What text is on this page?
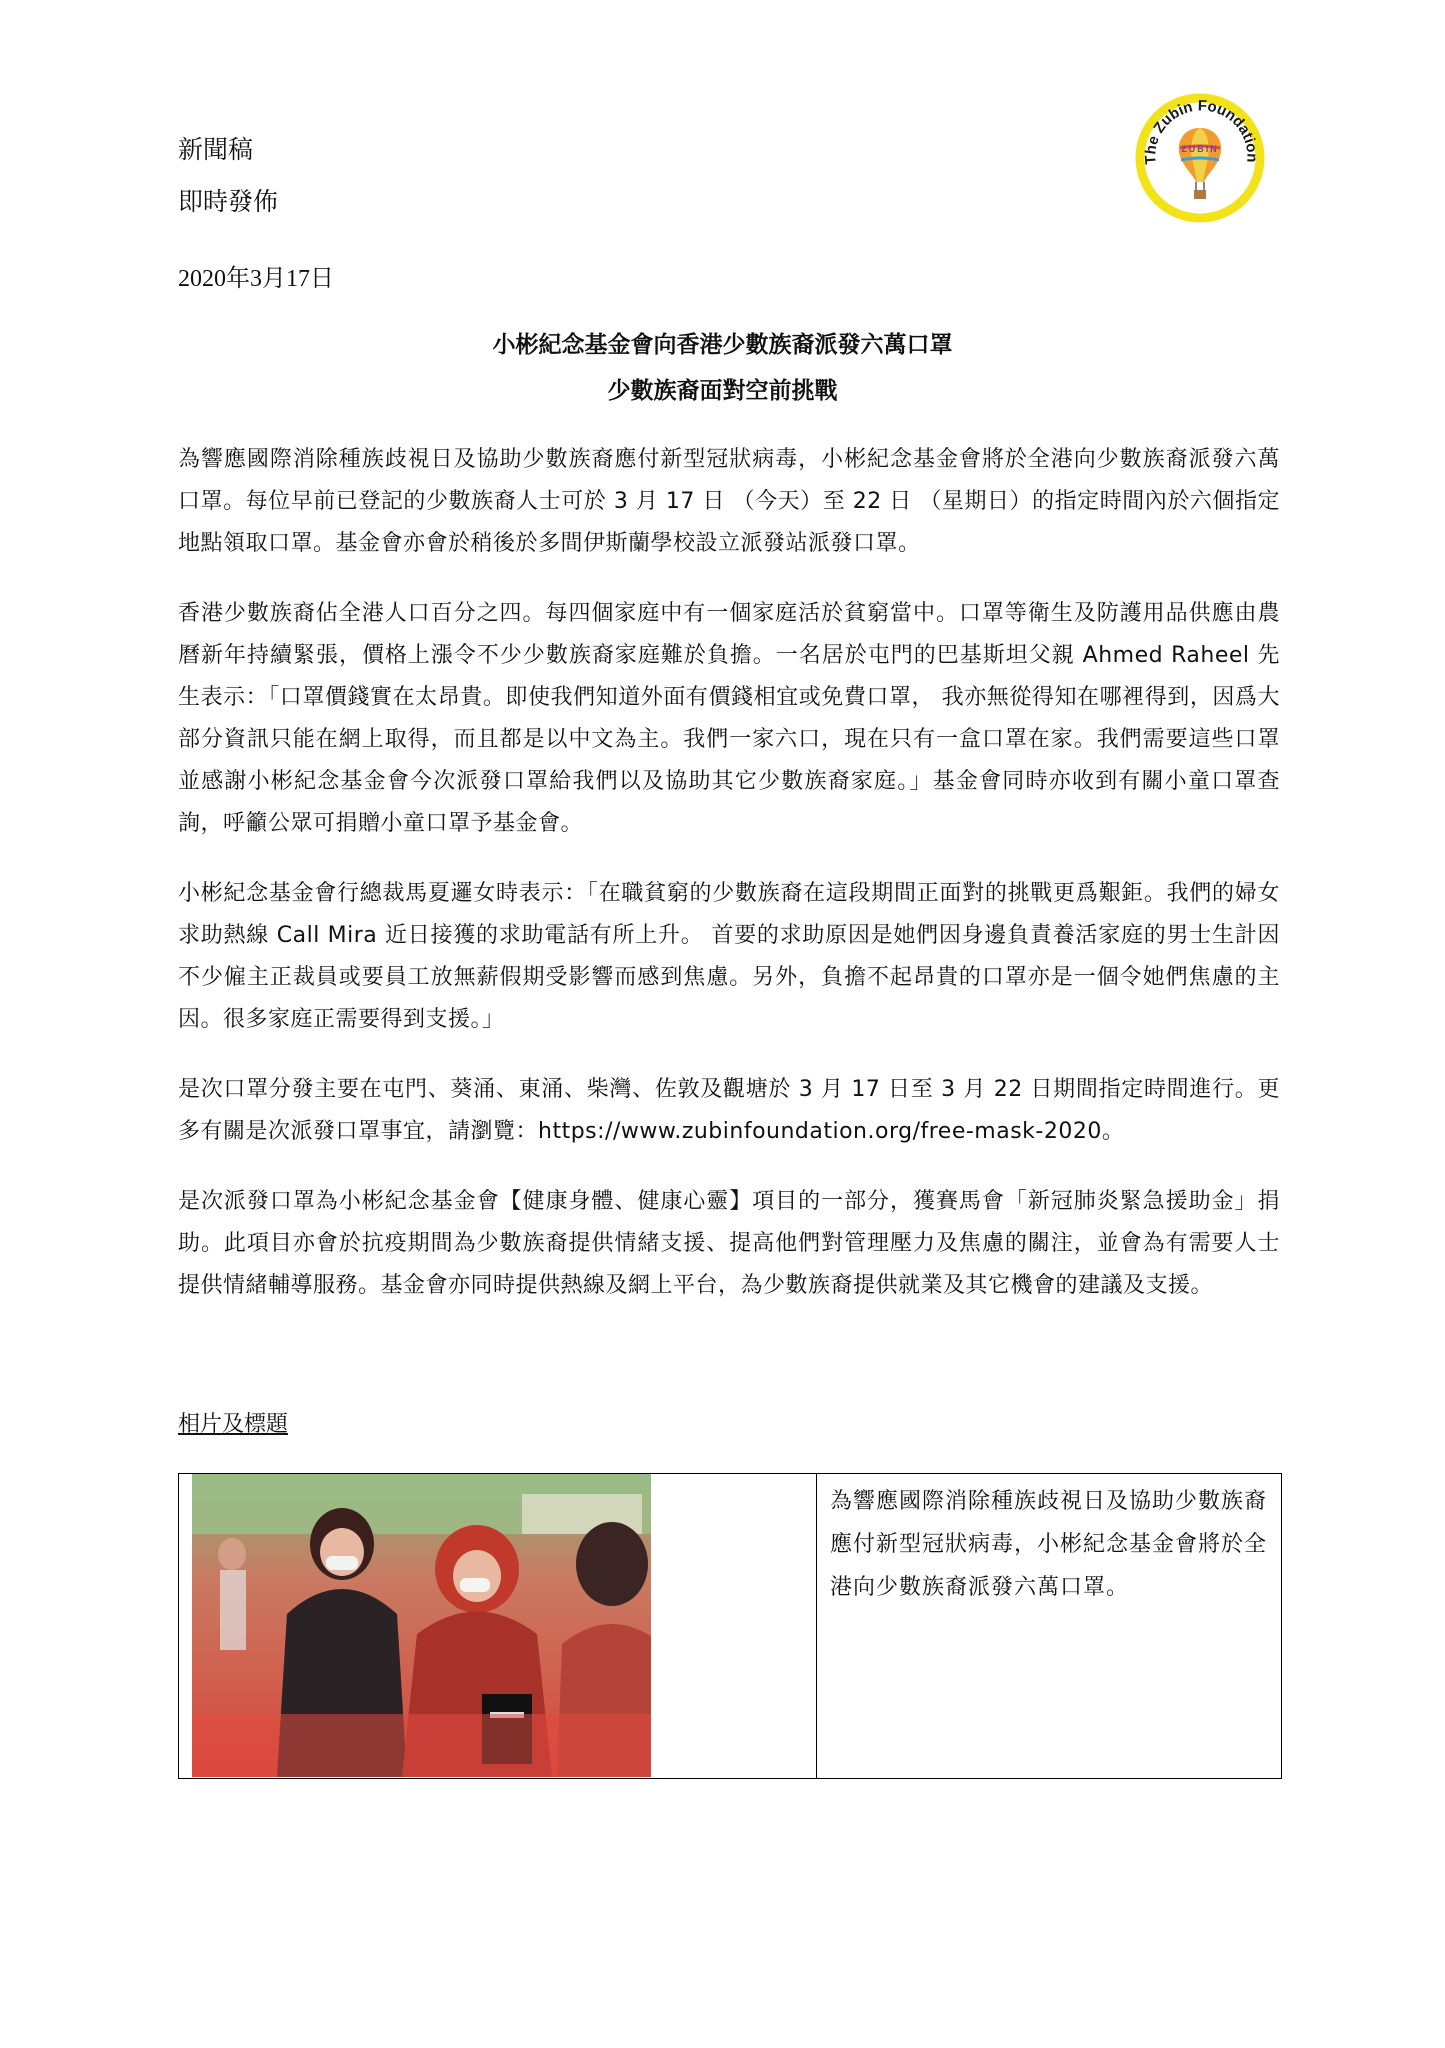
新聞稿
即時發佈
The Zubin Foundation
ZUBIN
2020年3月17日
小彬紀念基金會向香港少數族裔派發六萬口罩
少數族裔面對空前挑戰

為響應國際消除種族歧視日及協助少數族裔應付新型冠狀病毒，小彬紀念基金會將於全港向少數族裔派發六萬口罩。每位早前已登記的少數族裔人士可於 3 月 17 日 （今天）至 22 日 （星期日）的指定時間內於六個指定地點領取口罩。基金會亦會於稍後於多間伊斯蘭學校設立派發站派發口罩。

香港少數族裔佔全港人口百分之四。每四個家庭中有一個家庭活於貧窮當中。口罩等衛生及防護用品供應由農曆新年持續緊張，價格上漲令不少少數族裔家庭難於負擔。一名居於屯門的巴基斯坦父親 Ahmed Raheel 先生表示：「口罩價錢實在太昂貴。即使我們知道外面有價錢相宜或免費口罩， 我亦無從得知在哪裡得到，因爲大部分資訊只能在網上取得，而且都是以中文為主。我們一家六口，現在只有一盒口罩在家。我們需要這些口罩並感謝小彬紀念基金會今次派發口罩給我們以及協助其它少數族裔家庭。」基金會同時亦收到有關小童口罩查詢，呼籲公眾可捐贈小童口罩予基金會。

小彬紀念基金會行總裁馬夏邏女時表示：「在職貧窮的少數族裔在這段期間正面對的挑戰更爲艱鉅。我們的婦女求助熱線 Call Mira 近日接獲的求助電話有所上升。 首要的求助原因是她們因身邊負責養活家庭的男士生計因不少僱主正裁員或要員工放無薪假期受影響而感到焦慮。另外，負擔不起昂貴的口罩亦是一個令她們焦慮的主因。很多家庭正需要得到支援。」

是次口罩分發主要在屯門、葵涌、東涌、柴灣、佐敦及觀塘於 3 月 17 日至 3 月 22 日期間指定時間進行。更多有關是次派發口罩事宜，請瀏覽：https://www.zubinfoundation.org/free-mask-2020。

是次派發口罩為小彬紀念基金會【健康身體、健康心靈】項目的一部分，獲賽馬會「新冠肺炎緊急援助金」捐助。此項目亦會於抗疫期間為少數族裔提供情緒支援、提高他們對管理壓力及焦慮的關注，並會為有需要人士提供情緒輔導服務。基金會亦同時提供熱線及網上平台，為少數族裔提供就業及其它機會的建議及支援。

相片及標題
為響應國際消除種族歧視日及協助少數族裔應付新型冠狀病毒，小彬紀念基金會將於全港向少數族裔派發六萬口罩。
